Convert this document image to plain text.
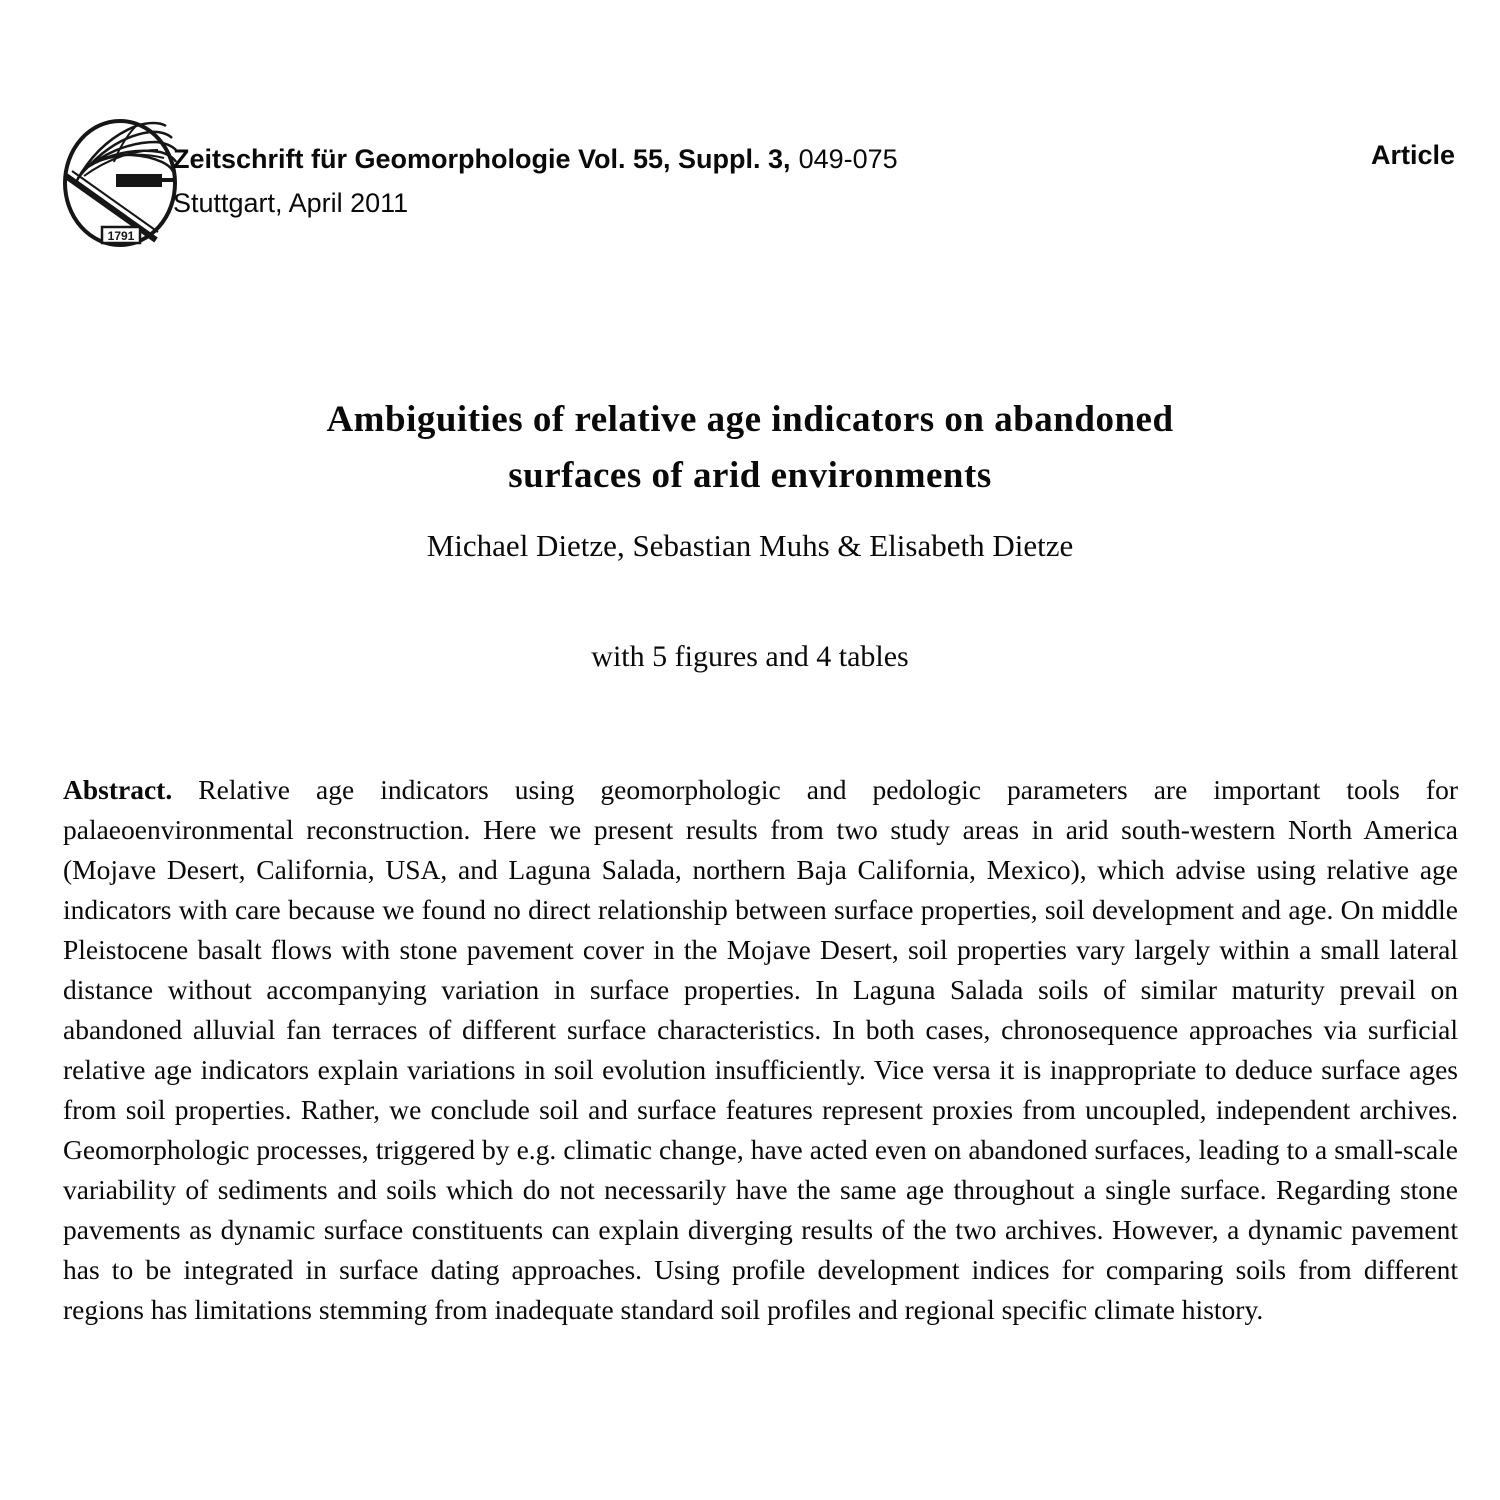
1791
Zeitschrift für Geomorphologie Vol. 55, Suppl. 3, 049-075
Stuttgart, April 2011
Article
Ambiguities of relative age indicators on abandoned
surfaces of arid environments
Michael Dietze, Sebastian Muhs & Elisabeth Dietze
with 5 figures and 4 tables

Abstract. Relative age indicators using geomorphologic and pedologic parameters are important tools for palaeoenvironmental reconstruction. Here we present results from two study areas in arid south-western North America (Mojave Desert, California, USA, and Laguna Salada, northern Baja California, Mexico), which advise using relative age indicators with care because we found no direct relationship between surface properties, soil development and age. On middle Pleistocene basalt flows with stone pavement cover in the Mojave Desert, soil properties vary largely within a small lateral distance without accompanying variation in surface properties. In Laguna Salada soils of similar maturity prevail on abandoned alluvial fan terraces of different surface characteristics. In both cases, chronosequence approaches via surficial relative age indicators explain variations in soil evolution insufficiently. Vice versa it is inappropriate to deduce surface ages from soil properties. Rather, we conclude soil and surface features represent proxies from uncoupled, independent archives. Geomorphologic processes, triggered by e.g. climatic change, have acted even on abandoned surfaces, leading to a small-scale variability of sediments and soils which do not necessarily have the same age throughout a single surface. Regarding stone pavements as dynamic surface constituents can explain diverging results of the two archives. However, a dynamic pavement has to be integrated in surface dating approaches. Using profile development indices for comparing soils from different regions has limitations stemming from inadequate standard soil profiles and regional specific climate history.
